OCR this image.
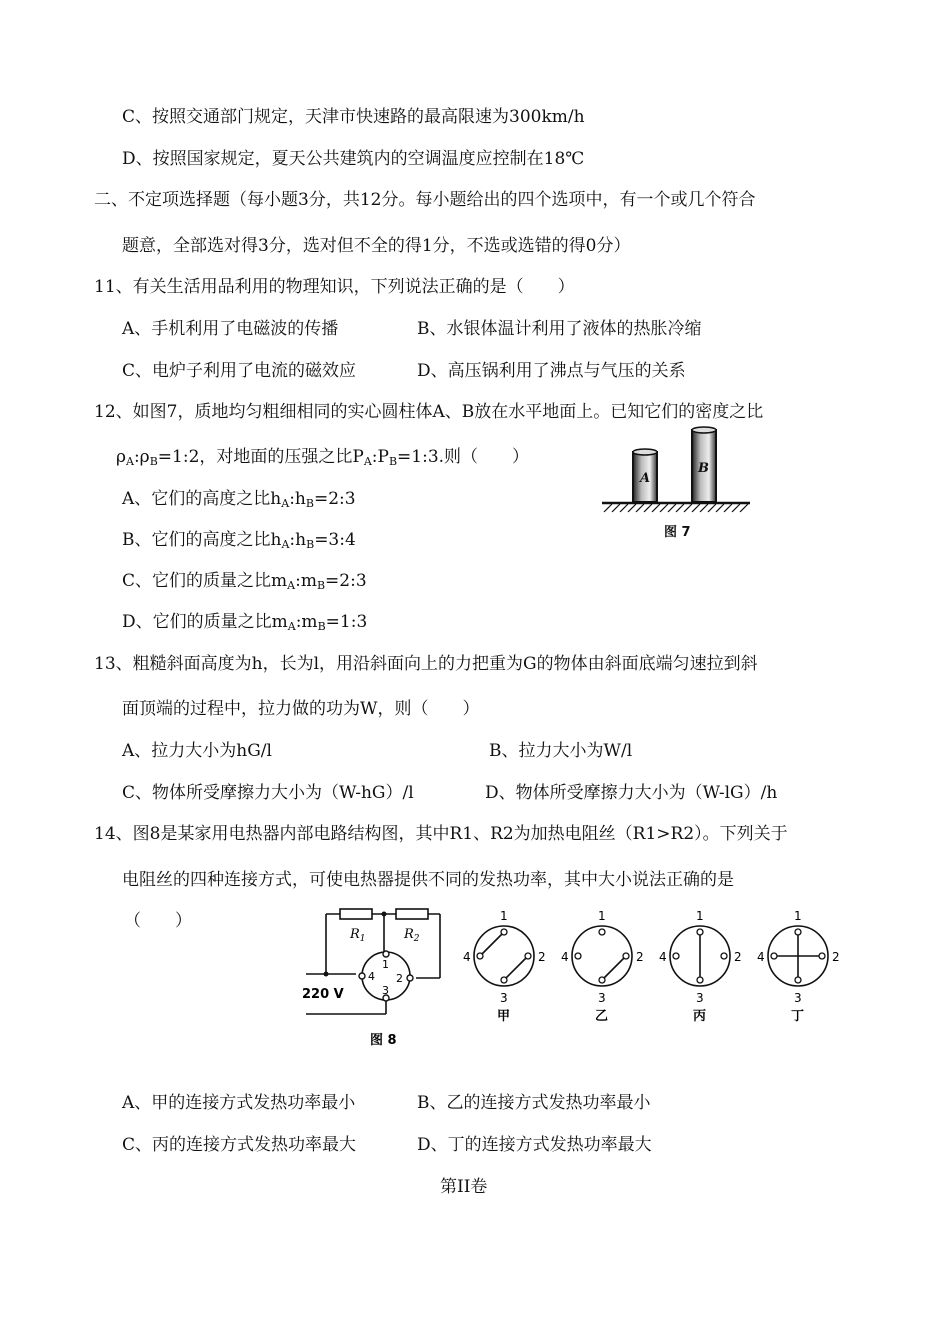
C、按照交通部门规定，天津市快速路的最高限速为300km/h
D、按照国家规定，夏天公共建筑内的空调温度应控制在18℃
二、不定项选择题（每小题3分，共12分。每小题给出的四个选项中，有一个或几个符合
题意，全部选对得3分，选对但不全的得1分，不选或选错的得0分）
11、有关生活用品利用的物理知识，下列说法正确的是（　　）
A、手机利用了电磁波的传播	B、水银体温计利用了液体的热胀冷缩
C、电炉子利用了电流的磁效应	D、高压锅利用了沸点与气压的关系
12、如图7，质地均匀粗细相同的实心圆柱体A、B放在水平地面上。已知它们的密度之比
$\rho_A:\rho_B=1:2$，对地面的压强之比$P_A:P_B=1:3$.则（　　）
A、它们的高度之比$h_A:h_B=2:3$
B、它们的高度之比$h_A:h_B=3:4$
C、它们的质量之比$m_A:m_B=2:3$
D、它们的质量之比$m_A:m_B=1:3$
A
B
图 7
13、粗糙斜面高度为h，长为l，用沿斜面向上的力把重为G的物体由斜面底端匀速拉到斜
面顶端的过程中，拉力做的功为W，则（　　）
A、拉力大小为hG/l	B、拉力大小为W/l
C、物体所受摩擦力大小为（W-hG）/l	D、物体所受摩擦力大小为（W-lG）/h
14、图8是某家用电热器内部电路结构图，其中R1、R2为加热电阻丝（R1>R2）。下列关于
电阻丝的四种连接方式，可使电热器提供不同的发热功率，其中大小说法正确的是
（　　）
$R_1$	$R_2$
1
4 2
3
220 V
图 8
1
4	2
3
甲
1
4	2
3
乙
1
4	2
3
丙
1
4	2
3
丁
A、甲的连接方式发热功率最小	B、乙的连接方式发热功率最小
C、丙的连接方式发热功率最大	D、丁的连接方式发热功率最大
第II卷
